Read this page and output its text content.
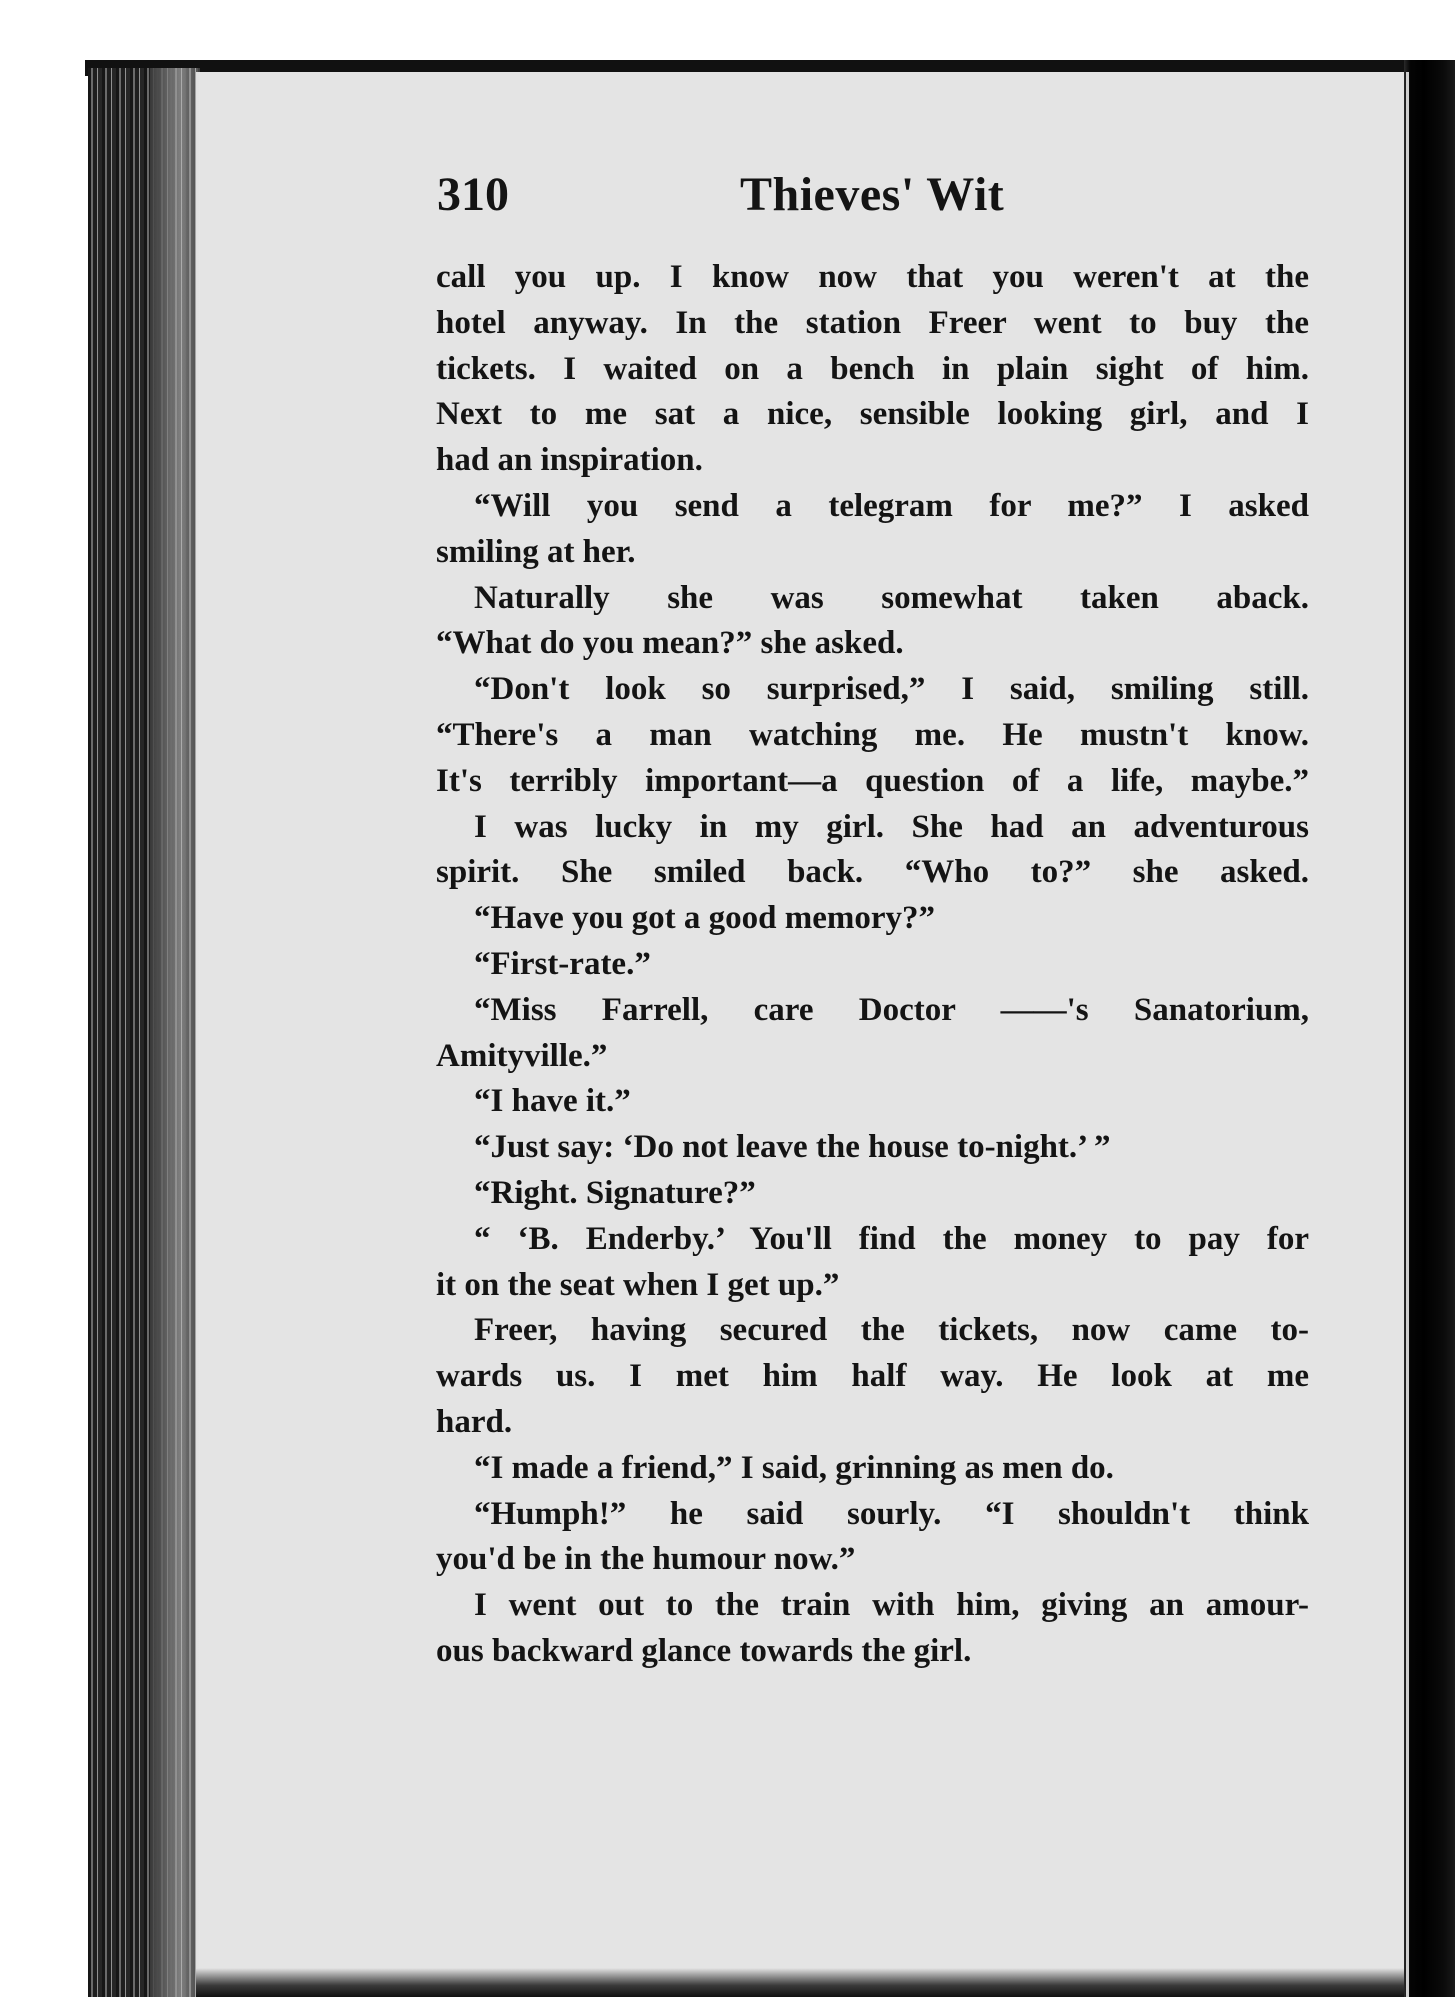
310	Thieves' Wit
call you up. I know now that you weren't at the
hotel anyway. In the station Freer went to buy the
tickets. I waited on a bench in plain sight of him.
Next to me sat a nice, sensible looking girl, and I
had an inspiration.
“Will you send a telegram for me?” I asked
smiling at her.
Naturally she was somewhat taken aback.
“What do you mean?” she asked.
“Don't look so surprised,” I said, smiling still.
“There's a man watching me. He mustn't know.
It's terribly important—a question of a life, maybe.”
I was lucky in my girl. She had an adventurous
spirit. She smiled back. “Who to?” she asked.
“Have you got a good memory?”
“First-rate.”
“Miss Farrell, care Doctor ——'s Sanatorium,
Amityville.”
“I have it.”
“Just say: ‘Do not leave the house to-night.’ ”
“Right. Signature?”
“ ‘B. Enderby.’ You'll find the money to pay for
it on the seat when I get up.”
Freer, having secured the tickets, now came to-
wards us. I met him half way. He look at me
hard.
“I made a friend,” I said, grinning as men do.
“Humph!” he said sourly. “I shouldn't think
you'd be in the humour now.”
I went out to the train with him, giving an amour-
ous backward glance towards the girl.
